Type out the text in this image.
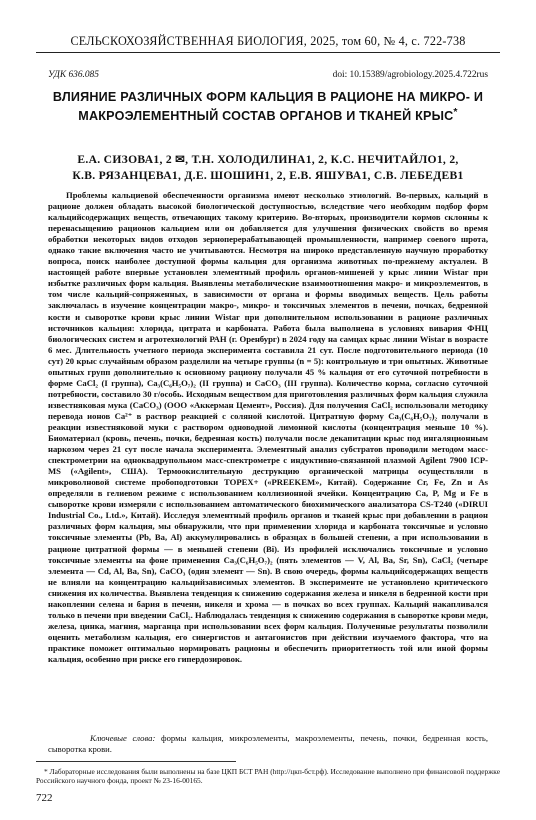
СЕЛЬСКОХОЗЯЙСТВЕННАЯ БИОЛОГИЯ, 2025, том 60, № 4, с. 722-738
УДК 636.085	doi: 10.15389/agrobiology.2025.4.722rus
ВЛИЯНИЕ РАЗЛИЧНЫХ ФОРМ КАЛЬЦИЯ В РАЦИОНЕ НА МИКРО- И МАКРОЭЛЕМЕНТНЫЙ СОСТАВ ОРГАНОВ И ТКАНЕЙ КРЫС*
Е.А. СИЗОВА1, 2 ✉, Т.Н. ХОЛОДИЛИНА1, 2, К.С. НЕЧИТАЙЛО1, 2,
К.В. РЯЗАНЦЕВА1, Д.Е. ШОШИН1, 2, Е.В. ЯШУВА1, С.В. ЛЕБЕДЕВ1

Проблемы кальциевой обеспеченности организма имеют несколько этиологий. Во-первых, кальций в рационе должен обладать высокой биологической доступностью, вследствие чего необходим подбор форм кальцийсодержащих веществ, отвечающих такому критерию. Во-вторых, производители кормов склонны к перенасыщению рационов кальцием или он добавляется для улучшения физических свойств во время обработки некоторых видов отходов зерноперерабатывающей промышленности, например соевого шрота, однако такие включения часто не учитываются. Несмотря на широко представленную научную проработку вопроса, поиск наиболее доступной формы кальция для организма животных по-прежнему актуален. В настоящей работе впервые установлен элементный профиль органов-мишеней у крыс линии Wistar при избытке различных форм кальция. Выявлены метаболические взаимоотношения макро- и микроэлементов, в том числе кальций-сопряженных, в зависимости от органа и формы вводимых веществ. Цель работы заключалась в изучение концентрации макро-, микро- и токсичных элементов в печени, почках, бедренной кости и сыворотке крови крыс линии Wistar при дополнительном использовании в рационе различных источников кальция: хлорида, цитрата и карбоната. Работа была выполнена в условиях вивария ФНЦ биологических систем и агротехнологий РАН (г. Оренбург) в 2024 году на самцах крыс линии Wistar в возрасте 6 мес. Длительность учетного периода эксперимента составила 21 сут. После подготовительного периода (10 сут) 20 крыс случайным образом разделили на четыре группы (n = 5): контрольную и три опытных. Животные опытных групп дополнительно к основному рациону получали 45 % кальция от его суточной потребности в форме CaCl₂ (I группа), Ca₃(C₆H₅O₇)₂ (II группа) и CaCO₃ (III группа). Количество корма, согласно суточной потребности, составило 30 г/особь. Исходным веществом для приготовления различных форм кальция служила известняковая мука (CaCO₃) (ООО «Аккерман Цемент», Россия). Для получения CaCl₂ использовали методику перевода ионов Ca²⁺ в раствор реакцией с соляной кислотой. Цитратную форму Ca₃(C₆H₅O₇)₂ получали в реакции известняковой муки с раствором одноводной лимонной кислоты (концентрация меньше 10 %). Биоматериал (кровь, печень, почки, бедренная кость) получали после декапитации крыс под ингаляционным наркозом через 21 сут после начала эксперимента. Элементный анализ субстратов проводили методом масс-спектрометрии на одноквадрупольном масс-спектрометре с индуктивно-связанной плазмой Agilent 7900 ICP-MS («Agilent», США). Термоокислительную деструкцию органической матрицы осуществляли в микроволновой системе пробоподготовки TOPEX+ («PREEKEM», Китай). Содержание Cr, Fe, Zn и As определяли в гелиевом режиме с использованием коллизионной ячейки. Концентрацию Ca, P, Mg и Fe в сыворотке крови измеряли с использованием автоматического биохимического анализатора CS-T240 («DIRUI Industrial Co., Ltd.», Китай). Исследуя элементный профиль органов и тканей крыс при добавлении в рацион различных форм кальция, мы обнаружили, что при применении хлорида и карбоната токсичные и условно токсичные элементы (Pb, Ba, Al) аккумулировались в образцах в большей степени, а при использовании в рационе цитратной формы — в меньшей степени (Bi). Из профилей исключались токсичные и условно токсичные элементы на фоне применения Ca₃(C₆H₅O₇)₂ (пять элементов — V, Al, Ba, Sr, Sn), CaCl₂ (четыре элемента — Cd, Al, Ba, Sn), CaCO₃ (один элемент — Sn). В свою очередь, формы кальцийсодержащих веществ не влияли на концентрацию кальцийзависимых элементов. В эксперименте не установлено критического снижения их количества. Выявлена тенденция к снижению содержания железа и никеля в бедренной кости при накоплении селена и бария в печени, никеля и хрома — в почках во всех группах. Кальций накапливался только в печени при введении CaCl₂. Наблюдалась тенденция к снижению содержания в сыворотке крови меди, железа, цинка, магния, марганца при использовании всех форм кальция. Полученные результаты позволили оценить метаболизм кальция, его синергистов и антагонистов при действии изучаемого фактора, что на практике поможет оптимально нормировать рационы и обеспечить приоритетность той или иной формы кальция, особенно при риске его гипердозировок.

Ключевые слова: формы кальция, микроэлементы, макроэлементы, печень, почки, бедренная кость, сыворотка крови.

* Лабораторные исследования были выполнены на базе ЦКП БСТ РАН (http://цкп-бст.рф). Исследование выполнено при финансовой поддержке Российского научного фонда, проект № 23-16-00165.

722
